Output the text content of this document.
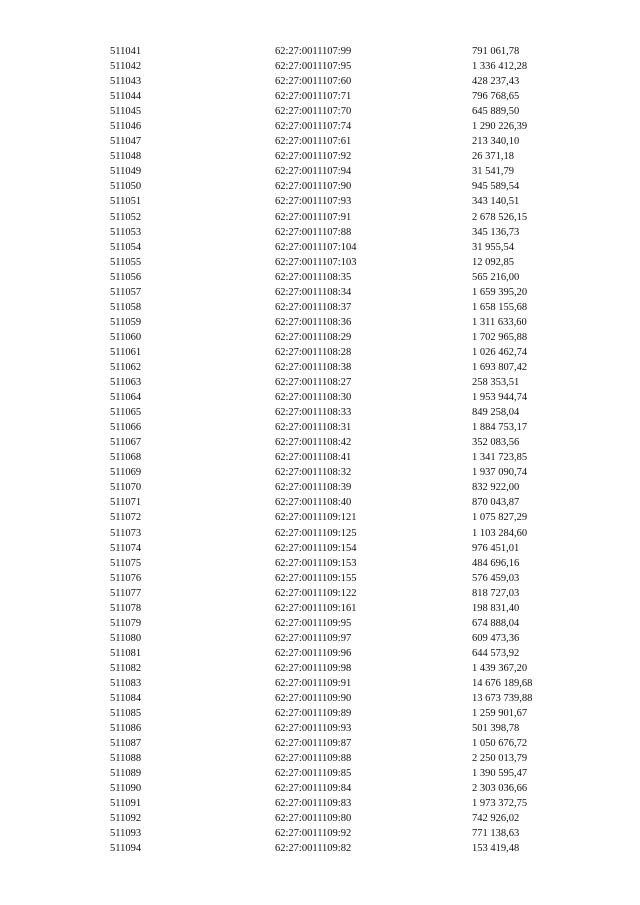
511041	62:27:0011107:99	791 061,78
511042	62:27:0011107:95	1 336 412,28
511043	62:27:0011107:60	428 237,43
511044	62:27:0011107:71	796 768,65
511045	62:27:0011107:70	645 889,50
511046	62:27:0011107:74	1 290 226,39
511047	62:27:0011107:61	213 340,10
511048	62:27:0011107:92	26 371,18
511049	62:27:0011107:94	31 541,79
511050	62:27:0011107:90	945 589,54
511051	62:27:0011107:93	343 140,51
511052	62:27:0011107:91	2 678 526,15
511053	62:27:0011107:88	345 136,73
511054	62:27:0011107:104	31 955,54
511055	62:27:0011107:103	12 092,85
511056	62:27:0011108:35	565 216,00
511057	62:27:0011108:34	1 659 395,20
511058	62:27:0011108:37	1 658 155,68
511059	62:27:0011108:36	1 311 633,60
511060	62:27:0011108:29	1 702 965,88
511061	62:27:0011108:28	1 026 462,74
511062	62:27:0011108:38	1 693 807,42
511063	62:27:0011108:27	258 353,51
511064	62:27:0011108:30	1 953 944,74
511065	62:27:0011108:33	849 258,04
511066	62:27:0011108:31	1 884 753,17
511067	62:27:0011108:42	352 083,56
511068	62:27:0011108:41	1 341 723,85
511069	62:27:0011108:32	1 937 090,74
511070	62:27:0011108:39	832 922,00
511071	62:27:0011108:40	870 043,87
511072	62:27:0011109:121	1 075 827,29
511073	62:27:0011109:125	1 103 284,60
511074	62:27:0011109:154	976 451,01
511075	62:27:0011109:153	484 696,16
511076	62:27:0011109:155	576 459,03
511077	62:27:0011109:122	818 727,03
511078	62:27:0011109:161	198 831,40
511079	62:27:0011109:95	674 888,04
511080	62:27:0011109:97	609 473,36
511081	62:27:0011109:96	644 573,92
511082	62:27:0011109:98	1 439 367,20
511083	62:27:0011109:91	14 676 189,68
511084	62:27:0011109:90	13 673 739,88
511085	62:27:0011109:89	1 259 901,67
511086	62:27:0011109:93	501 398,78
511087	62:27:0011109:87	1 050 676,72
511088	62:27:0011109:88	2 250 013,79
511089	62:27:0011109:85	1 390 595,47
511090	62:27:0011109:84	2 303 036,66
511091	62:27:0011109:83	1 973 372,75
511092	62:27:0011109:80	742 926,02
511093	62:27:0011109:92	771 138,63
511094	62:27:0011109:82	153 419,48
